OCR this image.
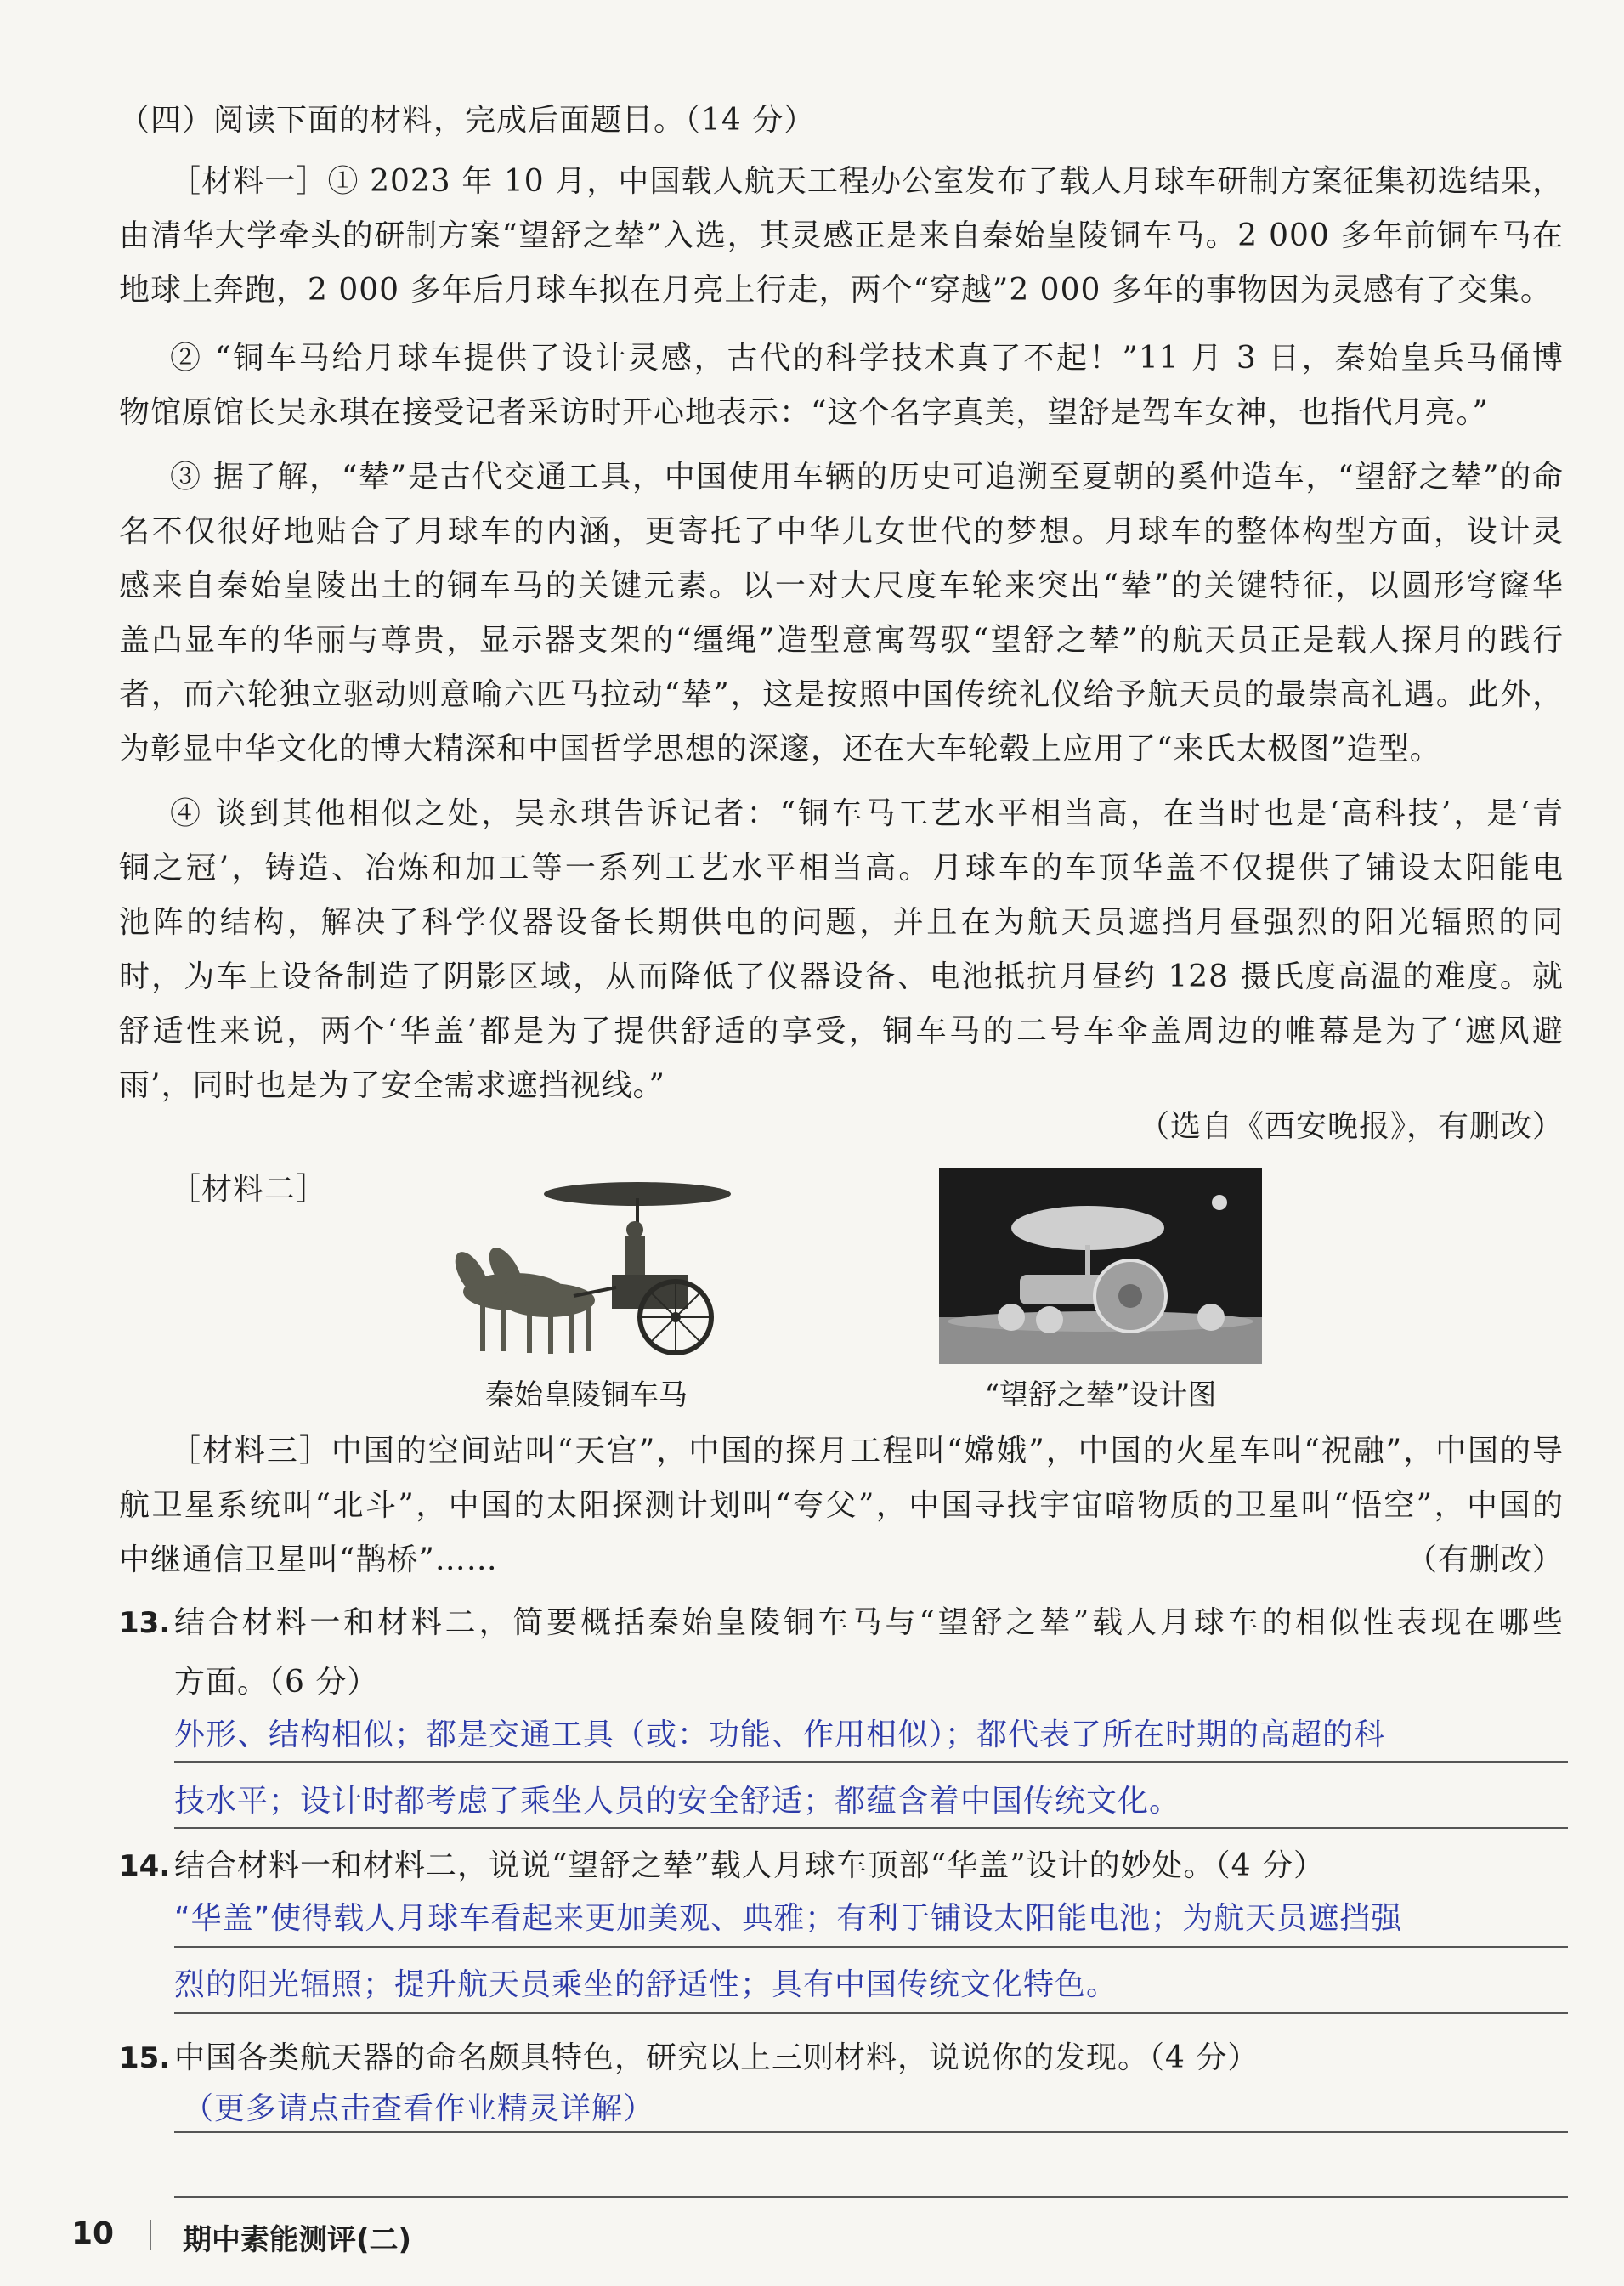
（四）阅读下面的材料，完成后面题目。（14 分）
［材料一］① 2023 年 10 月，中国载人航天工程办公室发布了载人月球车研制方案征集初选结果，
由清华大学牵头的研制方案“望舒之辇”入选，其灵感正是来自秦始皇陵铜车马。2 000 多年前铜车马在
地球上奔跑，2 000 多年后月球车拟在月亮上行走，两个“穿越”2 000 多年的事物因为灵感有了交集。
② “铜车马给月球车提供了设计灵感，古代的科学技术真了不起！”11 月 3 日，秦始皇兵马俑博
物馆原馆长吴永琪在接受记者采访时开心地表示：“这个名字真美，望舒是驾车女神，也指代月亮。”
③ 据了解，“辇”是古代交通工具，中国使用车辆的历史可追溯至夏朝的奚仲造车，“望舒之辇”的命
名不仅很好地贴合了月球车的内涵，更寄托了中华儿女世代的梦想。月球车的整体构型方面，设计灵
感来自秦始皇陵出土的铜车马的关键元素。以一对大尺度车轮来突出“辇”的关键特征，以圆形穹窿华
盖凸显车的华丽与尊贵，显示器支架的“缰绳”造型意寓驾驭“望舒之辇”的航天员正是载人探月的践行
者，而六轮独立驱动则意喻六匹马拉动“辇”，这是按照中国传统礼仪给予航天员的最崇高礼遇。此外，
为彰显中华文化的博大精深和中国哲学思想的深邃，还在大车轮毂上应用了“来氏太极图”造型。
④ 谈到其他相似之处，吴永琪告诉记者：“铜车马工艺水平相当高，在当时也是‘高科技’，是‘青
铜之冠’，铸造、冶炼和加工等一系列工艺水平相当高。月球车的车顶华盖不仅提供了铺设太阳能电
池阵的结构，解决了科学仪器设备长期供电的问题，并且在为航天员遮挡月昼强烈的阳光辐照的同
时，为车上设备制造了阴影区域，从而降低了仪器设备、电池抵抗月昼约 128 摄氏度高温的难度。就
舒适性来说，两个‘华盖’都是为了提供舒适的享受，铜车马的二号车伞盖周边的帷幕是为了‘遮风避
雨’，同时也是为了安全需求遮挡视线。”
（选自《西安晚报》，有删改）
［材料二］
秦始皇陵铜车马	“望舒之辇”设计图
［材料三］中国的空间站叫“天宫”，中国的探月工程叫“嫦娥”，中国的火星车叫“祝融”，中国的导
航卫星系统叫“北斗”，中国的太阳探测计划叫“夸父”，中国寻找宇宙暗物质的卫星叫“悟空”，中国的
中继通信卫星叫“鹊桥”……	（有删改）
13. 结合材料一和材料二，简要概括秦始皇陵铜车马与“望舒之辇”载人月球车的相似性表现在哪些
方面。（6 分）
外形、结构相似；都是交通工具（或：功能、作用相似）；都代表了所在时期的高超的科
技水平；设计时都考虑了乘坐人员的安全舒适；都蕴含着中国传统文化。
14. 结合材料一和材料二，说说“望舒之辇”载人月球车顶部“华盖”设计的妙处。（4 分）
“华盖”使得载人月球车看起来更加美观、典雅；有利于铺设太阳能电池；为航天员遮挡强
烈的阳光辐照；提升航天员乘坐的舒适性；具有中国传统文化特色。
15. 中国各类航天器的命名颇具特色，研究以上三则材料，说说你的发现。（4 分）
（更多请点击查看作业精灵详解）
10 期中素能测评(二)
